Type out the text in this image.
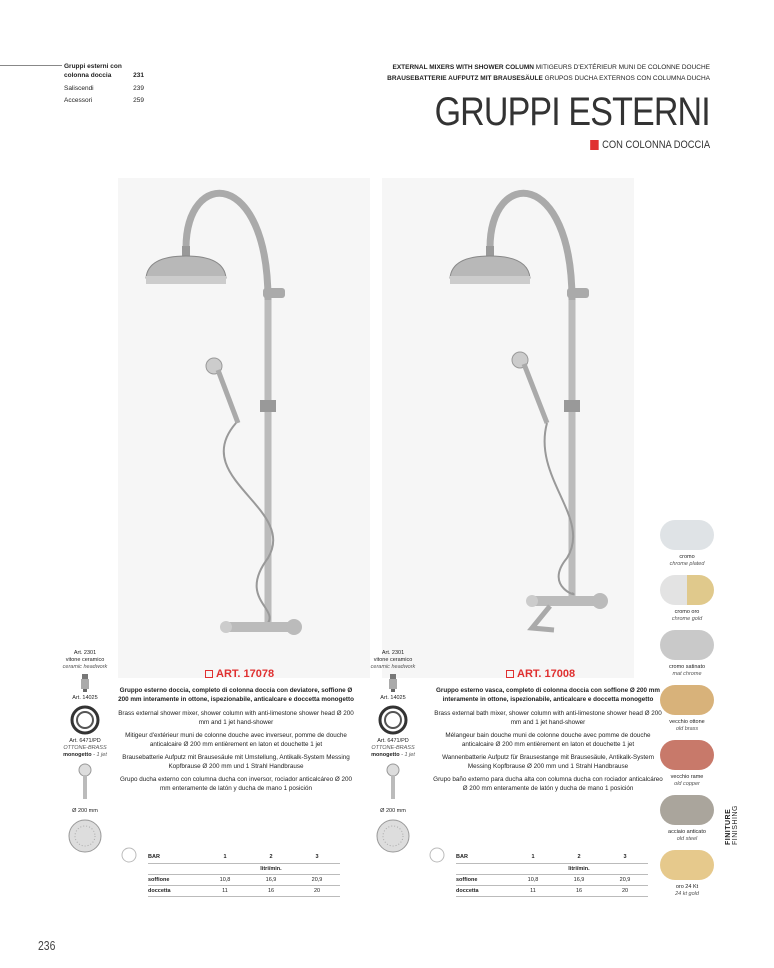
Gruppi esterni con colonna doccia	231
Saliscendi	239
Accessori	259
EXTERNAL MIXERS WITH SHOWER COLUMN MITIGEURS D'EXTÉRIEUR MUNI DE COLONNE DOUCHE
BRAUSEBATTERIE AUFPUTZ MIT BRAUSESÄULE GRUPOS DUCHA EXTERNOS CON COLUMNA DUCHA
GRUPPI ESTERNI
CON COLONNA DOCCIA
Art. 2301
vitone ceramico
ceramic headwork
Art. 14025
Art. 6471/PD
OTTONE-BRASS
monogetto - 1 jet
Ø 200 mm
Art. 2301
vitone ceramico
ceramic headwork
Art. 14025
Art. 6471/PD
OTTONE-BRASS
monogetto - 1 jet
Ø 200 mm
ART. 17078

Gruppo esterno doccia, completo di colonna doccia con deviatore, soffione Ø 200 mm interamente in ottone, ispezionabile, anticalcare e doccetta monogetto

Brass external shower mixer, shower column with anti-limestone shower head Ø 200 mm and 1 jet hand-shower

Mitigeur d'extérieur muni de colonne douche avec inverseur, pomme de douche anticalcaire Ø 200 mm entièrement en laton et douchette 1 jet

Brausebatterie Aufputz mit Brausesäule mit Umstellung, Antikalk-System Messing Kopfbrause Ø 200 mm und 1 Strahl Handbrause

Grupo ducha externo con columna ducha con inversor, rociador anticalcáreo Ø 200 mm enteramente de latón y ducha de mano 1 posición

ART. 17008

Gruppo esterno vasca, completo di colonna doccia con soffione Ø 200 mm interamente in ottone, ispezionabile, anticalcare e doccetta monogetto

Brass external bath mixer, shower column with anti-limestone shower head Ø 200 mm and 1 jet hand-shower

Mélangeur bain douche muni de colonne douche avec pomme de douche anticalcaire Ø 200 mm entièrement en laton et douchette 1 jet

Wannenbatterie Aufputz für Brausestange mit Brausesäule, Antikalk-System Messing Kopfbrause Ø 200 mm und 1 Strahl Handbrause

Grupo baño externo para ducha alta con columna ducha con rociador anticalcáreo Ø 200 mm enteramente de latón y ducha de mano 1 posición

BAR	1	2	3
	litri/min.		
soffione	10,8	16,9	20,9
doccetta	11	16	20
BAR	1	2	3
	litri/min.		
soffione	10,8	16,9	20,9
doccetta	11	16	20
cromo
chrome plated
cromo oro
chrome gold
cromo satinato
mat chrome
vecchio ottone
old brass
vecchio rame
old copper
acciaio anticato
old steel
oro 24 Kt
24 kt gold
FINITURE FINISHING
236
